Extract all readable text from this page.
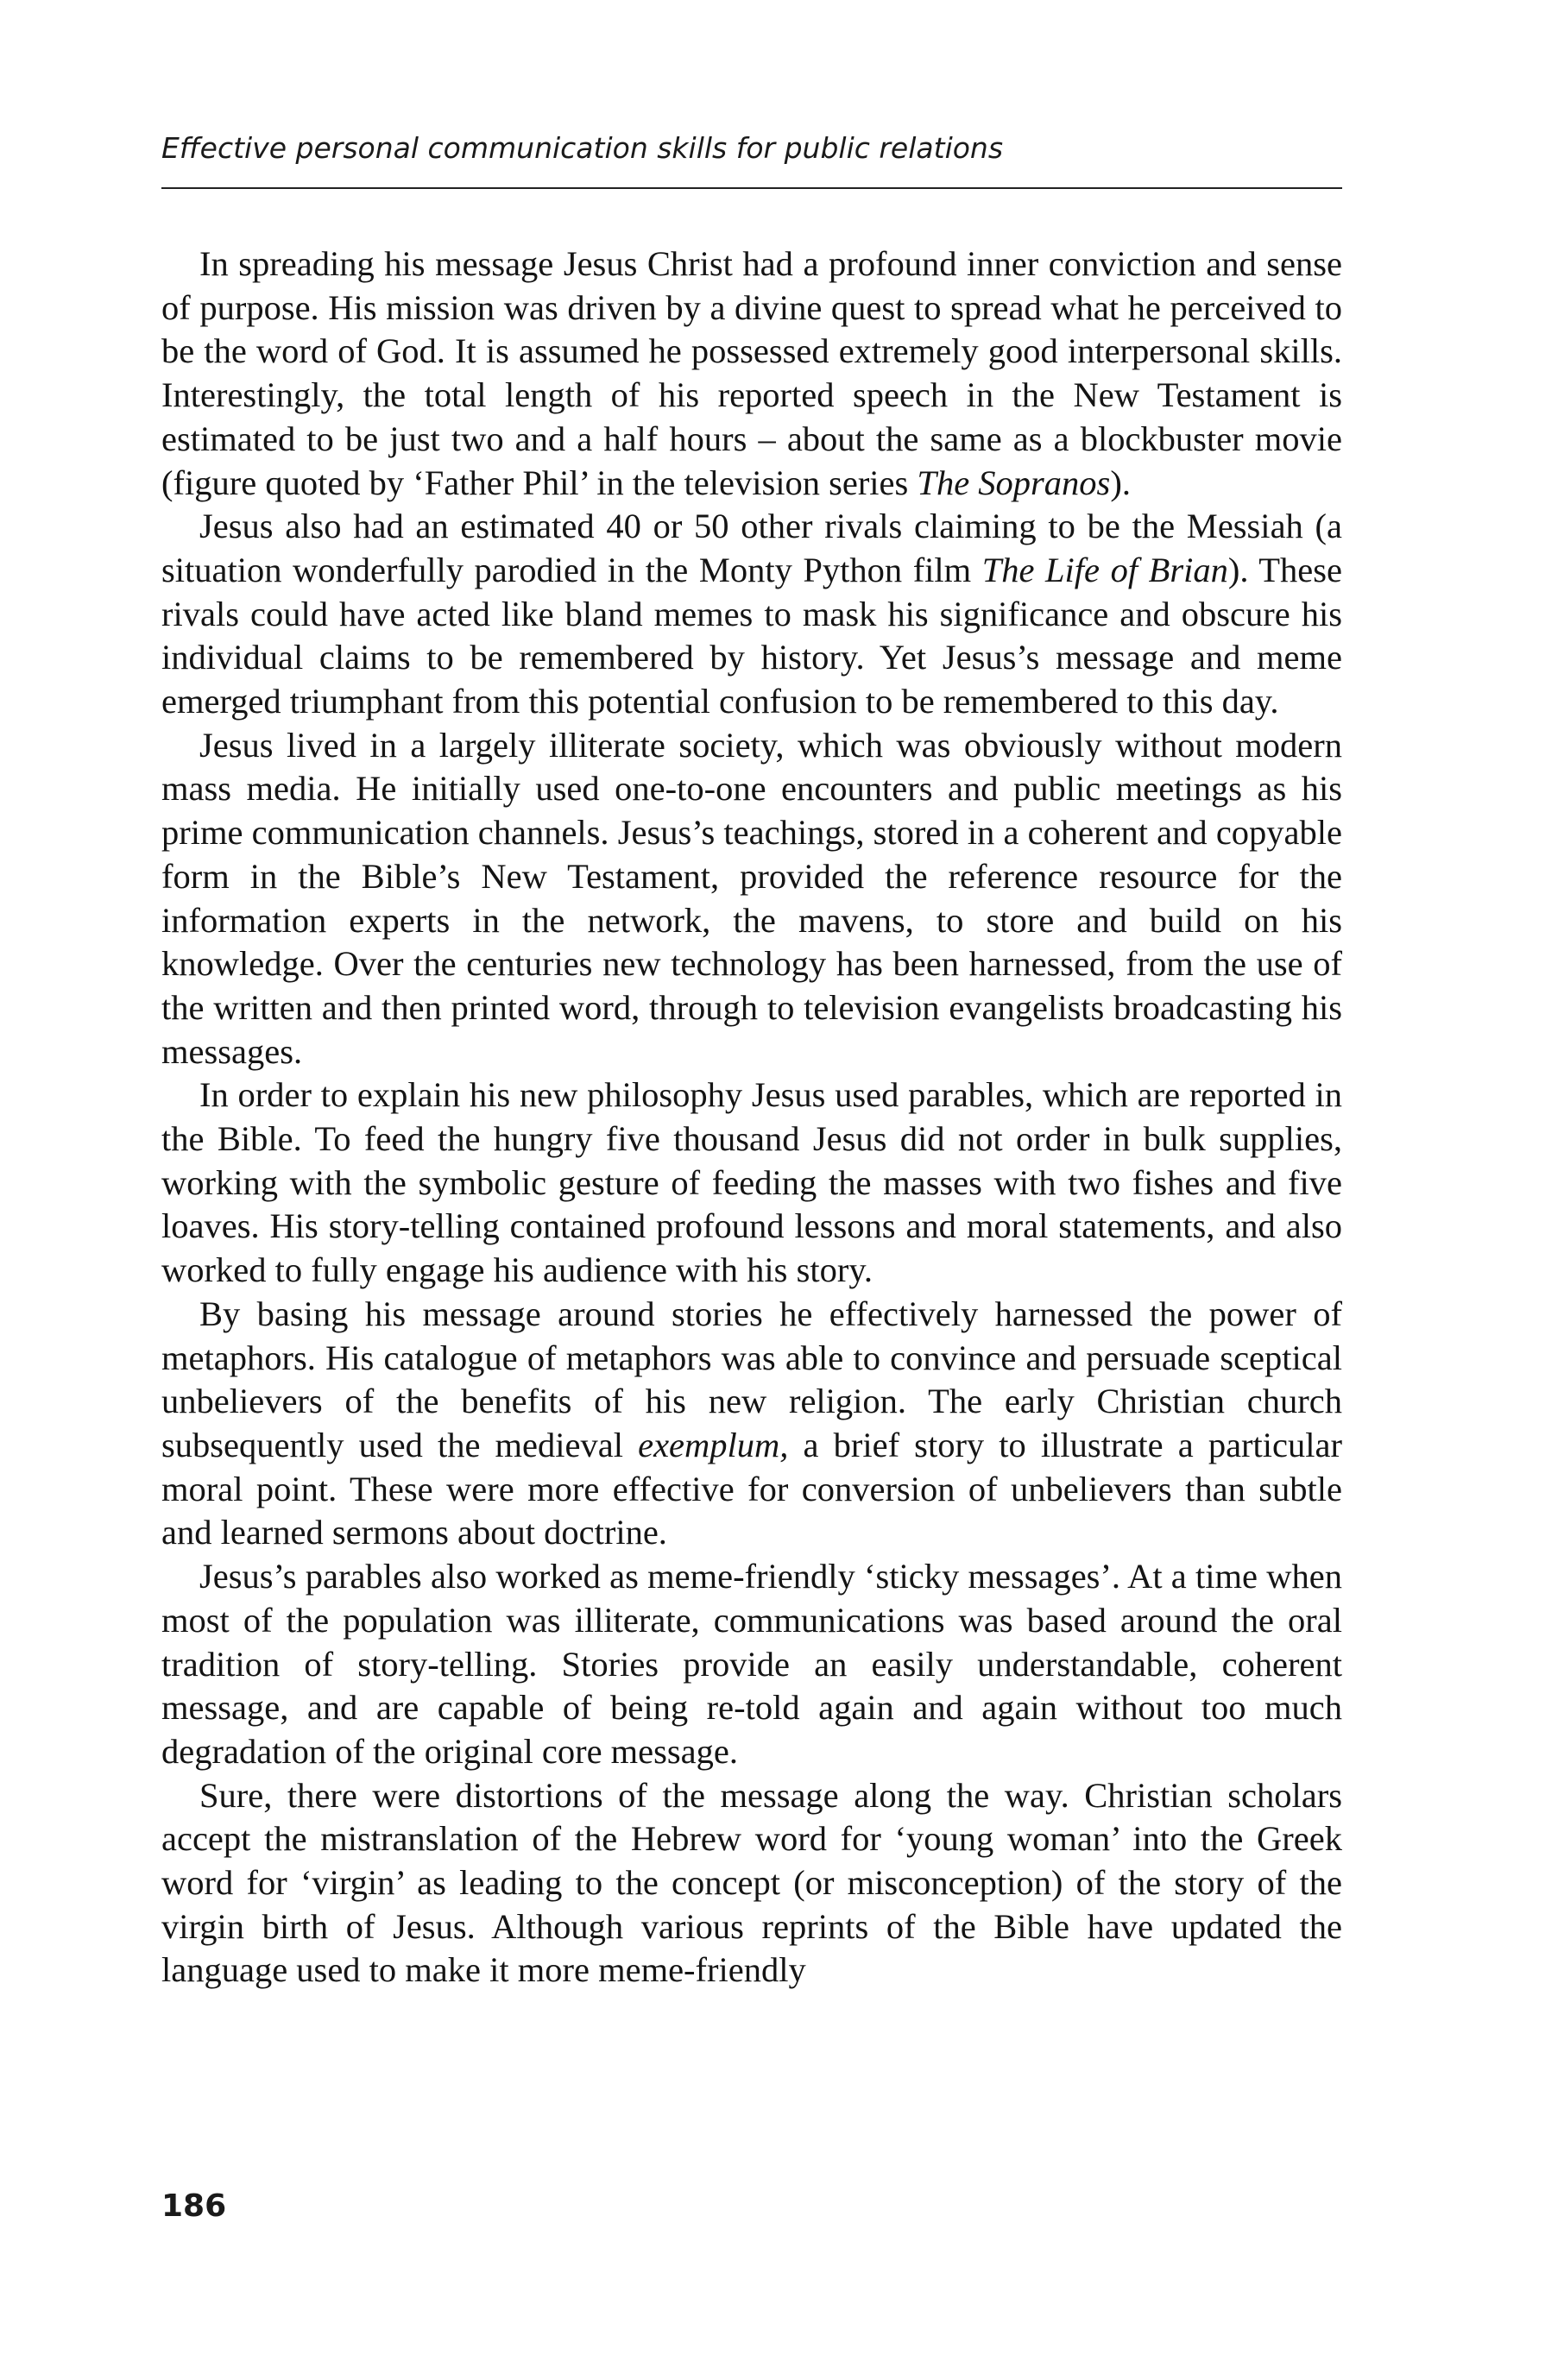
Effective personal communication skills for public relations

In spreading his message Jesus Christ had a profound inner conviction and sense of purpose. His mission was driven by a divine quest to spread what he perceived to be the word of God. It is assumed he possessed extremely good interpersonal skills. Interestingly, the total length of his reported speech in the New Testament is estimated to be just two and a half hours – about the same as a blockbuster movie (figure quoted by ‘Father Phil’ in the television series The Sopranos).

Jesus also had an estimated 40 or 50 other rivals claiming to be the Messiah (a situation wonderfully parodied in the Monty Python film The Life of Brian). These rivals could have acted like bland memes to mask his significance and obscure his individual claims to be remembered by history. Yet Jesus’s message and meme emerged triumphant from this potential confusion to be remembered to this day.

Jesus lived in a largely illiterate society, which was obviously without modern mass media. He initially used one-to-one encounters and public meetings as his prime communication channels. Jesus’s teachings, stored in a coherent and copyable form in the Bible’s New Testament, provided the reference resource for the information experts in the network, the mavens, to store and build on his knowledge. Over the centuries new technology has been harnessed, from the use of the written and then printed word, through to television evangelists broadcasting his messages.

In order to explain his new philosophy Jesus used parables, which are reported in the Bible. To feed the hungry five thousand Jesus did not order in bulk supplies, working with the symbolic gesture of feeding the masses with two fishes and five loaves. His story-telling contained profound lessons and moral statements, and also worked to fully engage his audience with his story.

By basing his message around stories he effectively harnessed the power of metaphors. His catalogue of metaphors was able to convince and persuade sceptical unbelievers of the benefits of his new religion. The early Christian church subsequently used the medieval exemplum, a brief story to illustrate a particular moral point. These were more effective for conversion of unbelievers than subtle and learned sermons about doctrine.

Jesus’s parables also worked as meme-friendly ‘sticky messages’. At a time when most of the population was illiterate, communications was based around the oral tradition of story-telling. Stories provide an easily understandable, coherent message, and are capable of being re-told again and again without too much degradation of the original core message.

Sure, there were distortions of the message along the way. Christian scholars accept the mistranslation of the Hebrew word for ‘young woman’ into the Greek word for ‘virgin’ as leading to the concept (or misconception) of the story of the virgin birth of Jesus. Although various reprints of the Bible have updated the language used to make it more meme-friendly

186
